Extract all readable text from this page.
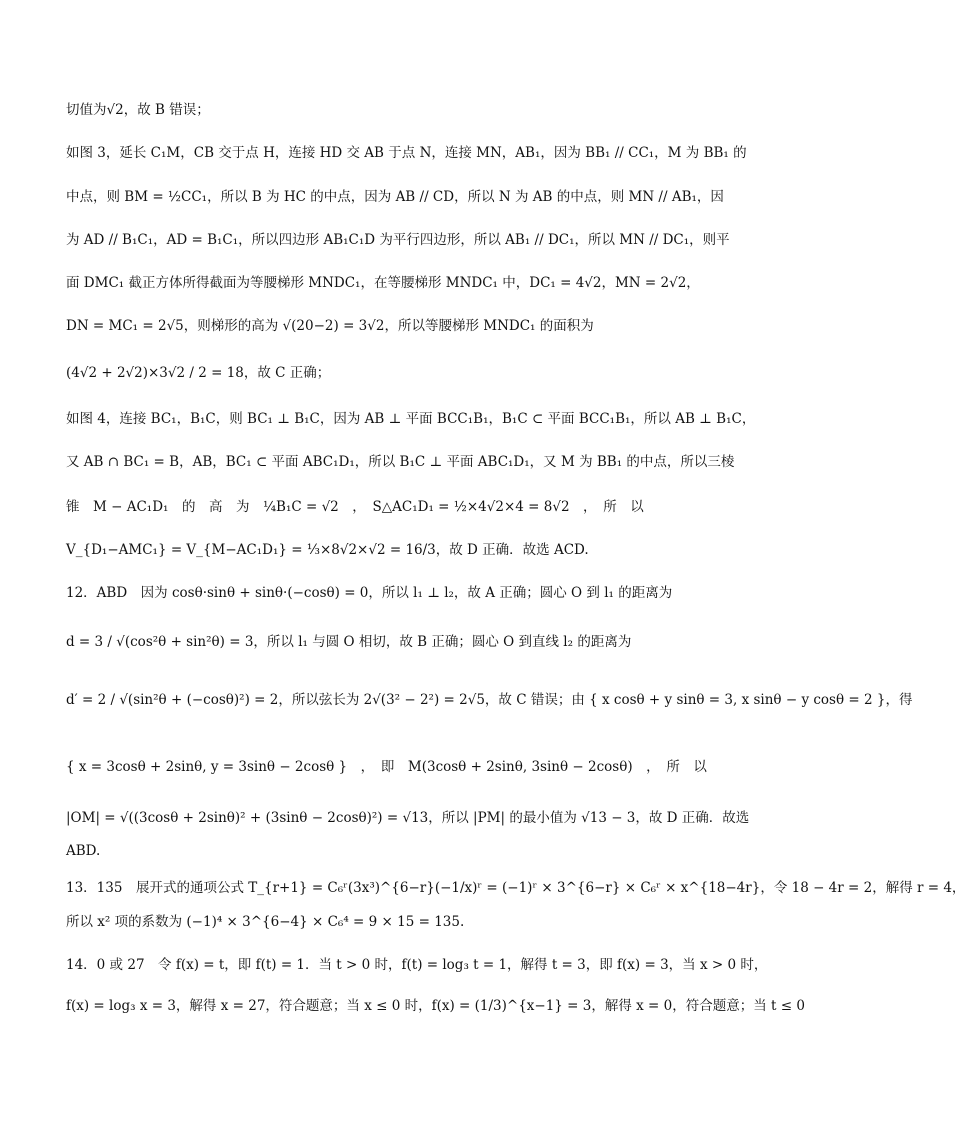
切值为√2，故 B 错误；
如图 3，延长 C₁M，CB 交于点 H，连接 HD 交 AB 于点 N，连接 MN，AB₁，因为 BB₁ // CC₁，M 为 BB₁ 的
中点，则 BM = ½CC₁，所以 B 为 HC 的中点，因为 AB // CD，所以 N 为 AB 的中点，则 MN // AB₁，因
为 AD // B₁C₁，AD = B₁C₁，所以四边形 AB₁C₁D 为平行四边形，所以 AB₁ // DC₁，所以 MN // DC₁，则平
面 DMC₁ 截正方体所得截面为等腰梯形 MNDC₁，在等腰梯形 MNDC₁ 中，DC₁ = 4√2，MN = 2√2，
DN = MC₁ = 2√5，则梯形的高为 √(20−2) = 3√2，所以等腰梯形 MNDC₁ 的面积为
(4√2 + 2√2)×3√2 / 2 = 18，故 C 正确；
如图 4，连接 BC₁，B₁C，则 BC₁ ⊥ B₁C，因为 AB ⊥ 平面 BCC₁B₁，B₁C ⊂ 平面 BCC₁B₁，所以 AB ⊥ B₁C，
又 AB ∩ BC₁ = B，AB，BC₁ ⊂ 平面 ABC₁D₁，所以 B₁C ⊥ 平面 ABC₁D₁，又 M 为 BB₁ 的中点，所以三棱
锥　M − AC₁D₁　的　高　为　¼B₁C = √2　，　S△AC₁D₁ = ½×4√2×4 = 8√2　，　所　以
V_{D₁−AMC₁} = V_{M−AC₁D₁} = ⅓×8√2×√2 = 16/3，故 D 正确．故选 ACD.
12．ABD　因为 cosθ·sinθ + sinθ·(−cosθ) = 0，所以 l₁ ⊥ l₂，故 A 正确；圆心 O 到 l₁ 的距离为
d = 3 / √(cos²θ + sin²θ) = 3，所以 l₁ 与圆 O 相切，故 B 正确；圆心 O 到直线 l₂ 的距离为
d′ = 2 / √(sin²θ + (−cosθ)²) = 2，所以弦长为 2√(3² − 2²) = 2√5，故 C 错误；由 { x cosθ + y sinθ = 3, x sinθ − y cosθ = 2 }，得
{ x = 3cosθ + 2sinθ, y = 3sinθ − 2cosθ }　，　即　M(3cosθ + 2sinθ, 3sinθ − 2cosθ)　，　所　以
|OM| = √((3cosθ + 2sinθ)² + (3sinθ − 2cosθ)²) = √13，所以 |PM| 的最小值为 √13 − 3，故 D 正确．故选
ABD.
13．135　展开式的通项公式 T_{r+1} = C₆ʳ(3x³)^{6−r}(−1/x)ʳ = (−1)ʳ × 3^{6−r} × C₆ʳ × x^{18−4r}，令 18 − 4r = 2，解得 r = 4，
所以 x² 项的系数为 (−1)⁴ × 3^{6−4} × C₆⁴ = 9 × 15 = 135.
14．0 或 27　令 f(x) = t，即 f(t) = 1．当 t > 0 时，f(t) = log₃ t = 1，解得 t = 3，即 f(x) = 3，当 x > 0 时，
f(x) = log₃ x = 3，解得 x = 27，符合题意；当 x ≤ 0 时，f(x) = (1/3)^{x−1} = 3，解得 x = 0，符合题意；当 t ≤ 0
